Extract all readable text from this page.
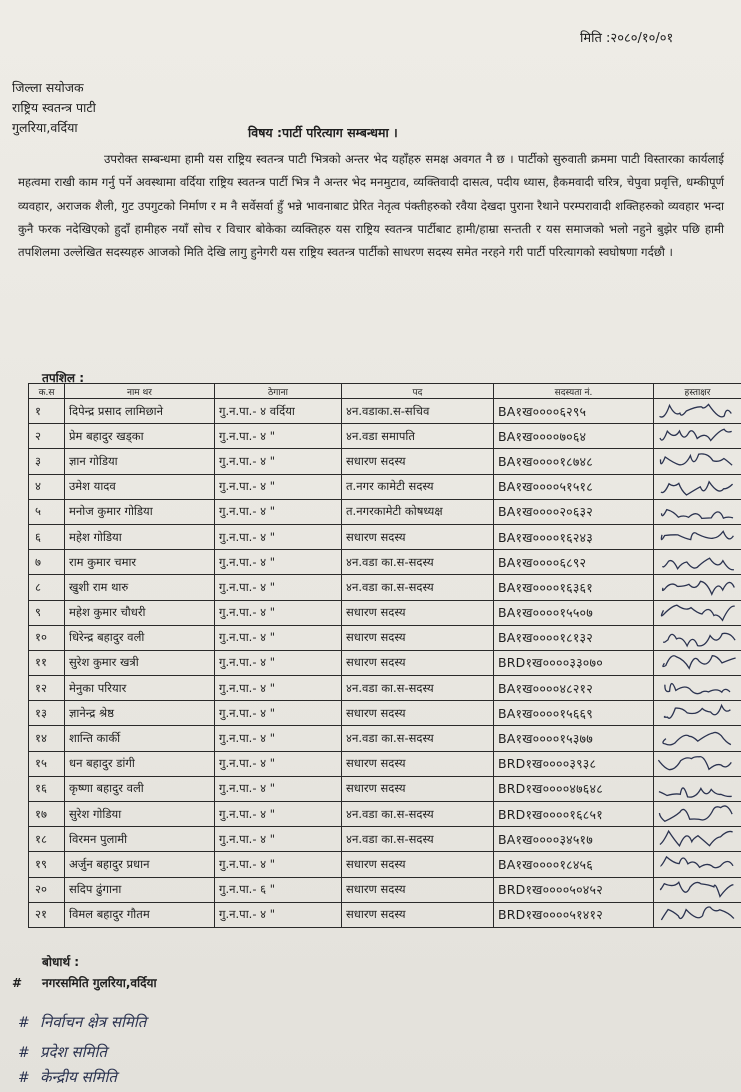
मिति :२०८०/१०/०१
जिल्ला सयोजक
राष्ट्रिय स्वतन्त्र पाटी
गुलरिया,वर्दिया	विषय :पार्टी परित्याग सम्बन्धमा ।

उपरोक्त सम्बन्धमा हामी यस राष्ट्रिय स्वतन्त्र पाटी भित्रको अन्तर भेद यहाँहरु समक्ष अवगत नै छ । पार्टीको सुरुवाती क्रममा पाटी विस्तारका कार्यलाई महत्वमा राखी काम गर्नु पर्ने अवस्थामा वर्दिया राष्ट्रिय स्वतन्त्र पार्टी भित्र नै अन्तर भेद मनमुटाव, व्यक्तिवादी दासत्व, पदीय ध्यास, हैकमवादी चरित्र, चेपुवा प्रवृत्ति, धम्कीपूर्ण व्यवहार, अराजक शैली, गुट उपगुटको निर्माण र म नै सर्वेसर्वा हुँ भन्ने भावनाबाट प्रेरित नेतृत्व पंक्तीहरुको रवैया देखदा पुराना रैथाने परम्परावादी शक्तिहरुको व्यवहार भन्दा कुनै फरक नदेखिएको हुदाँ हामीहरु नयाँ सोच र विचार बोकेका व्यक्तिहरु यस राष्ट्रिय स्वतन्त्र पार्टीबाट हामी/हाम्रा सन्तती र यस समाजको भलो नहुने बुझेर पछि हामी तपशिलमा उल्लेखित सदस्यहरु आजको मिति देखि लागु हुनेगरी यस राष्ट्रिय स्वतन्त्र पार्टीको साधरण सदस्य समेत नरहने गरी पार्टी परित्यागको स्वघोषणा गर्दछौ ।

तपशिल :
क.स	नाम थर	ठेगाना	पद	सदस्यता नं.	हस्ताक्षर
१	दिपेन्द्र प्रसाद लामिछाने	गु.न.पा.- ४ वर्दिया	४न.वडाका.स-सचिव	BA१ख००००६२९५	

२	प्रेम बहादुर खड्का	गु.न.पा.- ४ "	४न.वडा समापति	BA१ख००००७०६४	

३	ज्ञान गोडिया	गु.न.पा.- ४ "	सधारण सदस्य	BA१ख००००१८७४८	

४	उमेश यादव	गु.न.पा.- ४ "	त.नगर कामेटी सदस्य	BA१ख००००५१५१८	

५	मनोज कुमार गोडिया	गु.न.पा.- ४ "	त.नगरकामेटी कोषध्यक्ष	BA१ख००००२०६३२	

६	महेश गोडिया	गु.न.पा.- ४ "	सधारण सदस्य	BA१ख००००१६२४३	

७	राम कुमार चमार	गु.न.पा.- ४ "	४न.वडा का.स-सदस्य	BA१ख००००६८९२	

८	खुशी राम थारु	गु.न.पा.- ४ "	४न.वडा का.स-सदस्य	BA१ख००००१६३६१	

९	महेश कुमार चौधरी	गु.न.पा.- ४ "	सधारण सदस्य	BA१ख००००१५५०७	

१०	धिरेन्द्र बहादुर वली	गु.न.पा.- ४ "	सधारण सदस्य	BA१ख००००१८१३२	

११	सुरेश कुमार खत्री	गु.न.पा.- ४ "	सधारण सदस्य	BRD१ख००००३३०७०	

१२	मेनुका परियार	गु.न.पा.- ४ "	४न.वडा का.स-सदस्य	BA१ख००००४८२१२	

१३	ज्ञानेन्द्र श्रेष्ठ	गु.न.पा.- ४ "	सधारण सदस्य	BA१ख००००१५६६९	

१४	शान्ति कार्की	गु.न.पा.- ४ "	४न.वडा का.स-सदस्य	BA१ख००००१५३७७	

१५	धन बहादुर डांगी	गु.न.पा.- ४ "	सधारण सदस्य	BRD१ख००००३९३८	

१६	कृष्णा बहादुर वली	गु.न.पा.- ४ "	सधारण सदस्य	BRD१ख००००४७६४८	

१७	सुरेश गोडिया	गु.न.पा.- ४ "	४न.वडा का.स-सदस्य	BRD१ख००००१६८५१	

१८	विरमन पुलामी	गु.न.पा.- ४ "	४न.वडा का.स-सदस्य	BA१ख००००३४५१७	

१९	अर्जुन बहादुर प्रधान	गु.न.पा.- ४ "	सधारण सदस्य	BA१ख००००१८४५६	

२०	सदिप ढुंगाना	गु.न.पा.- ६ "	सधारण सदस्य	BRD१ख००००५०४५२	

२१	विमल बहादुर गौतम	गु.न.पा.- ४ "	सधारण सदस्य	BRD१ख००००५१४१२	
बोधार्थ :
# नगरसमिति गुलरिया,वर्दिया
# निर्वाचन क्षेत्र समिति
# प्रदेश समिति
# केन्द्रीय समिति
